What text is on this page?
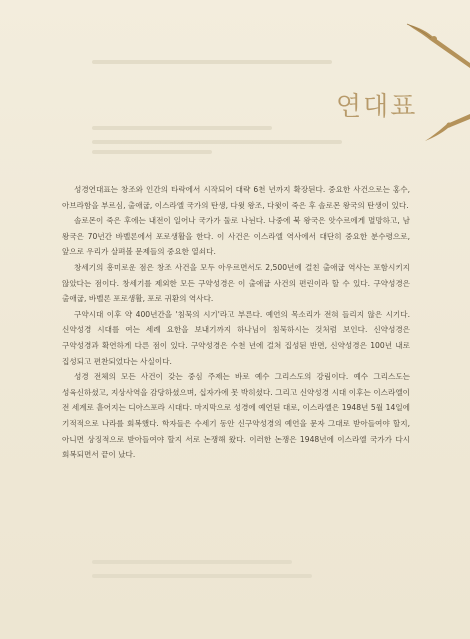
연대표

성경연대표는 창조와 인간의 타락에서 시작되어 대략 6천 년까지 확장된다. 중요한 사건으로는 홍수, 아브라함을 부르심, 출애굽, 이스라엘 국가의 탄생, 다윗 왕조, 다윗이 죽은 후 솔로몬 왕국의 탄생이 있다.

솔로몬이 죽은 후에는 내전이 일어나 국가가 둘로 나뉜다. 나중에 북 왕국은 앗수르에게 멸망하고, 남 왕국은 70년간 바벨론에서 포로생활을 한다. 이 사건은 이스라엘 역사에서 대단히 중요한 분수령으로, 앞으로 우리가 살펴볼 문제들의 중요한 열쇠다.

창세기의 흥미로운 점은 창조 사건을 모두 아우르면서도 2,500년에 걸친 출애굽 역사는 포함시키지 않았다는 점이다. 창세기를 제외한 모든 구약성경은 이 출애굽 사건의 편린이라 할 수 있다. 구약성경은 출애굽, 바벨론 포로생활, 포로 귀환의 역사다.

구약시대 이후 약 400년간을 '침묵의 시기'라고 부른다. 예언의 목소리가 전혀 들리지 않은 시기다. 신약성경 시대를 여는 세례 요한을 보내기까지 하나님이 침묵하시는 것처럼 보인다. 신약성경은 구약성경과 확연하게 다른 점이 있다. 구약성경은 수천 년에 걸쳐 집성된 반면, 신약성경은 100년 내로 집성되고 편찬되었다는 사실이다.

성경 전체의 모든 사건이 갖는 중심 주제는 바로 예수 그리스도의 강림이다. 예수 그리스도는 성육신하셨고, 지상사역을 감당하셨으며, 십자가에 못 박히셨다. 그리고 신약성경 시대 이후는 이스라엘이 전 세계로 흩어지는 디아스포라 시대다. 마지막으로 성경에 예언된 대로, 이스라엘은 1948년 5월 14일에 기적적으로 나라를 회복했다. 학자들은 수세기 동안 신구약성경의 예언을 문자 그대로 받아들여야 할지, 아니면 상징적으로 받아들여야 할지 서로 논쟁해 왔다. 이러한 논쟁은 1948년에 이스라엘 국가가 다시 회복되면서 끝이 났다.
